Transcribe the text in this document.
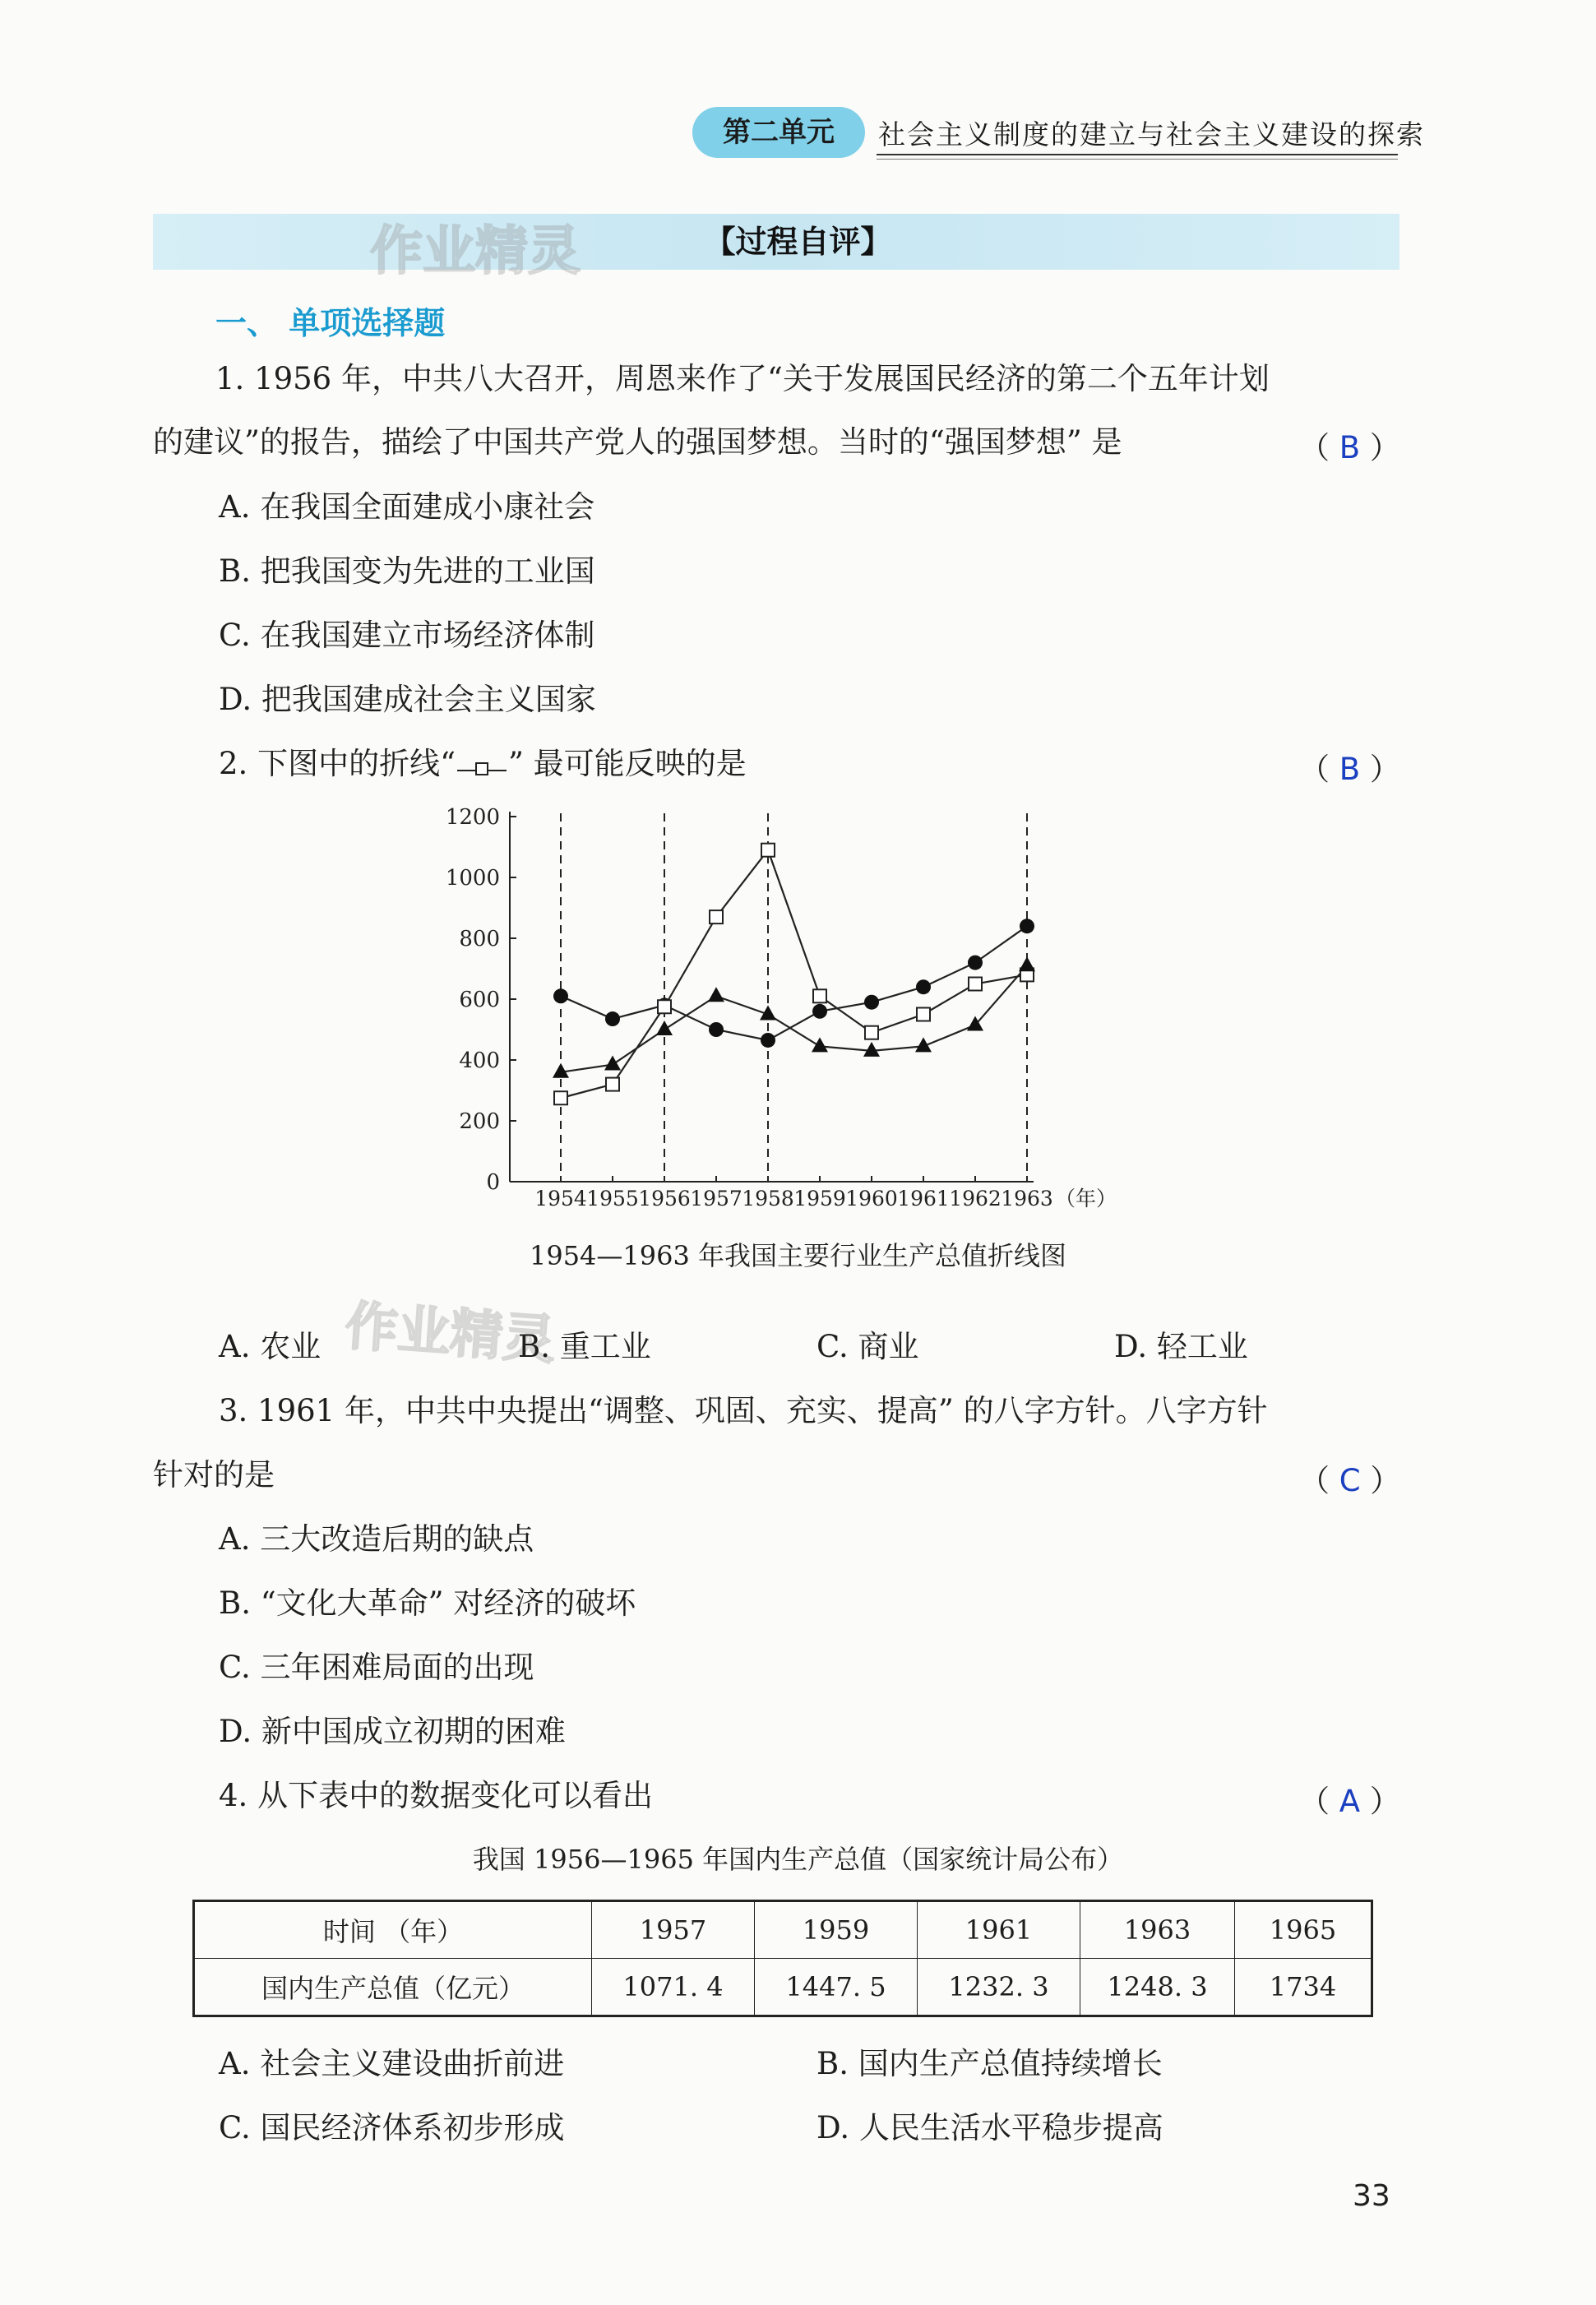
第二单元	社会主义制度的建立与社会主义建设的探索
作业精灵	【过程自评】
一、 单项选择题
1. 1956 年，中共八大召开，周恩来作了“关于发展国民经济的第二个五年计划
的建议”的报告，描绘了中国共产党人的强国梦想。当时的“强国梦想” 是	（ B ）
A. 在我国全面建成小康社会
B. 把我国变为先进的工业国
C. 在我国建立市场经济体制
D. 把我国建成社会主义国家
2. 下图中的折线“ ” 最可能反映的是	（ B ）
0
200
400
600
800
1000
1200
1954 1955 1956 1957 1958 1959 1960 1961 1962 1963 （年）
1954—1963 年我国主要行业生产总值折线图
作业精灵
A. 农业	B. 重工业	C. 商业	D. 轻工业
3. 1961 年，中共中央提出“调整、巩固、充实、提高” 的八字方针。八字方针
针对的是	（ C ）
A. 三大改造后期的缺点
B. “文化大革命” 对经济的破坏
C. 三年困难局面的出现
D. 新中国成立初期的困难
4. 从下表中的数据变化可以看出	（ A ）
我国 1956—1965 年国内生产总值（国家统计局公布）
时间 （年）	1957	1959	1961	1963	1965
国内生产总值（亿元）	1071. 4	1447. 5	1232. 3	1248. 3	1734
A. 社会主义建设曲折前进	B. 国内生产总值持续增长
C. 国民经济体系初步形成	D. 人民生活水平稳步提高
33
